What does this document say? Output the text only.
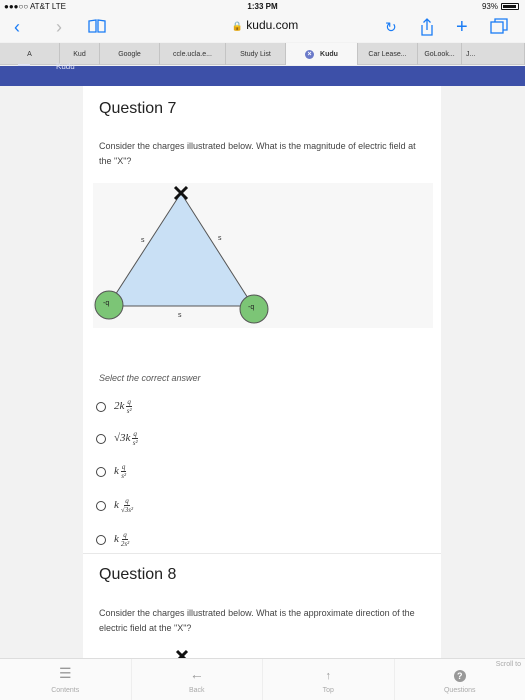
●●●○○ AT&T LTE	1:33 PM	93%
‹ ›	🔒 kudu.com	↻	+
A	Kud	Google	ccle.ucla.e...	Study List	×	Kudu	Car Lease...	GoLook... J...
Kudu
Question 7
Consider the charges illustrated below. What is the magnitude of electric field at the "X"?
-q
-q
s	s
s
Select the correct answer
$2k \frac{q}{\text{s²}}$
$√3k \frac{q}{\text{s²}}$
k $\frac{q}{\text{s²}}$
k $\frac{q}{\text{√3s²}}$
k $\frac{q}{\text{2s²}}$
Question 8
Consider the charges illustrated below. What is the approximate direction of the electric field at the "X"?
☰
Contents
←
Back
↑
Top
Scroll to
?
Questions
